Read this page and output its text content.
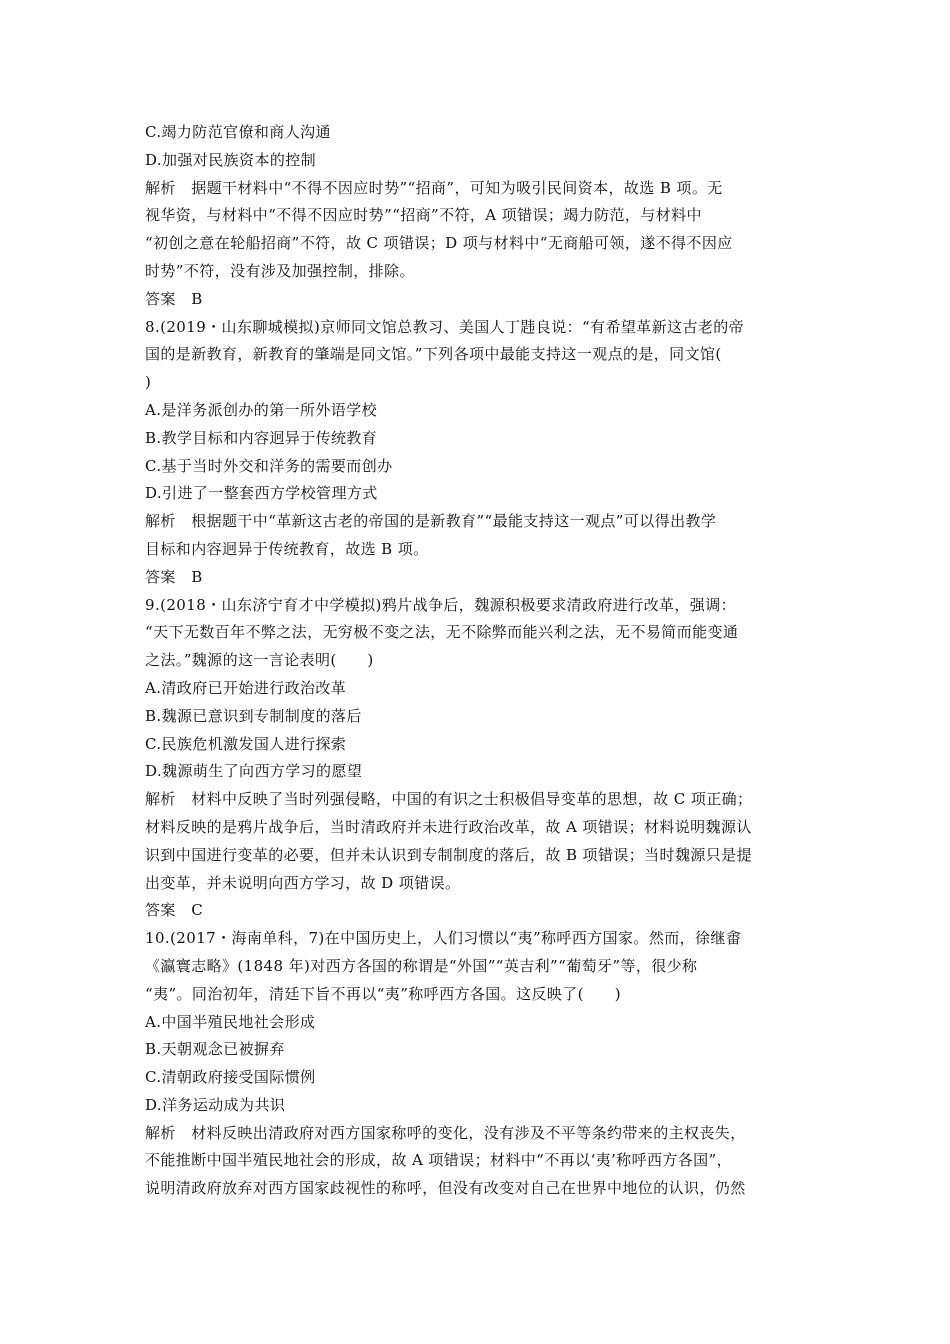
C.竭力防范官僚和商人沟通
D.加强对民族资本的控制
解析　据题干材料中“不得不因应时势”“招商”，可知为吸引民间资本，故选 B 项。无
视华资，与材料中“不得不因应时势”“招商”不符，A 项错误；竭力防范，与材料中
“初创之意在轮船招商”不符，故 C 项错误；D 项与材料中“无商船可领，遂不得不因应
时势”不符，没有涉及加强控制，排除。
答案　B
8.(2019・山东聊城模拟)京师同文馆总教习、美国人丁韪良说：“有希望革新这古老的帝
国的是新教育，新教育的肇端是同文馆。”下列各项中最能支持这一观点的是，同文馆(
)
A.是洋务派创办的第一所外语学校
B.教学目标和内容迥异于传统教育
C.基于当时外交和洋务的需要而创办
D.引进了一整套西方学校管理方式
解析　根据题干中“革新这古老的帝国的是新教育”“最能支持这一观点”可以得出教学
目标和内容迥异于传统教育，故选 B 项。
答案　B
9.(2018・山东济宁育才中学模拟)鸦片战争后，魏源积极要求清政府进行改革，强调：
“天下无数百年不弊之法，无穷极不变之法，无不除弊而能兴利之法，无不易简而能变通
之法。”魏源的这一言论表明(　　)
A.清政府已开始进行政治改革
B.魏源已意识到专制制度的落后
C.民族危机激发国人进行探索
D.魏源萌生了向西方学习的愿望
解析　材料中反映了当时列强侵略，中国的有识之士积极倡导变革的思想，故 C 项正确；
材料反映的是鸦片战争后，当时清政府并未进行政治改革，故 A 项错误；材料说明魏源认
识到中国进行变革的必要，但并未认识到专制制度的落后，故 B 项错误；当时魏源只是提
出变革，并未说明向西方学习，故 D 项错误。
答案　C
10.(2017・海南单科，7)在中国历史上，人们习惯以“夷”称呼西方国家。然而，徐继畬
《瀛寰志略》(1848 年)对西方各国的称谓是“外国”“英吉利”“葡萄牙”等，很少称
“夷”。同治初年，清廷下旨不再以“夷”称呼西方各国。这反映了(　　)
A.中国半殖民地社会形成
B.天朝观念已被摒弃
C.清朝政府接受国际惯例
D.洋务运动成为共识
解析　材料反映出清政府对西方国家称呼的变化，没有涉及不平等条约带来的主权丧失，
不能推断中国半殖民地社会的形成，故 A 项错误；材料中“不再以‘夷’称呼西方各国”，
说明清政府放弃对西方国家歧视性的称呼，但没有改变对自己在世界中地位的认识，仍然
